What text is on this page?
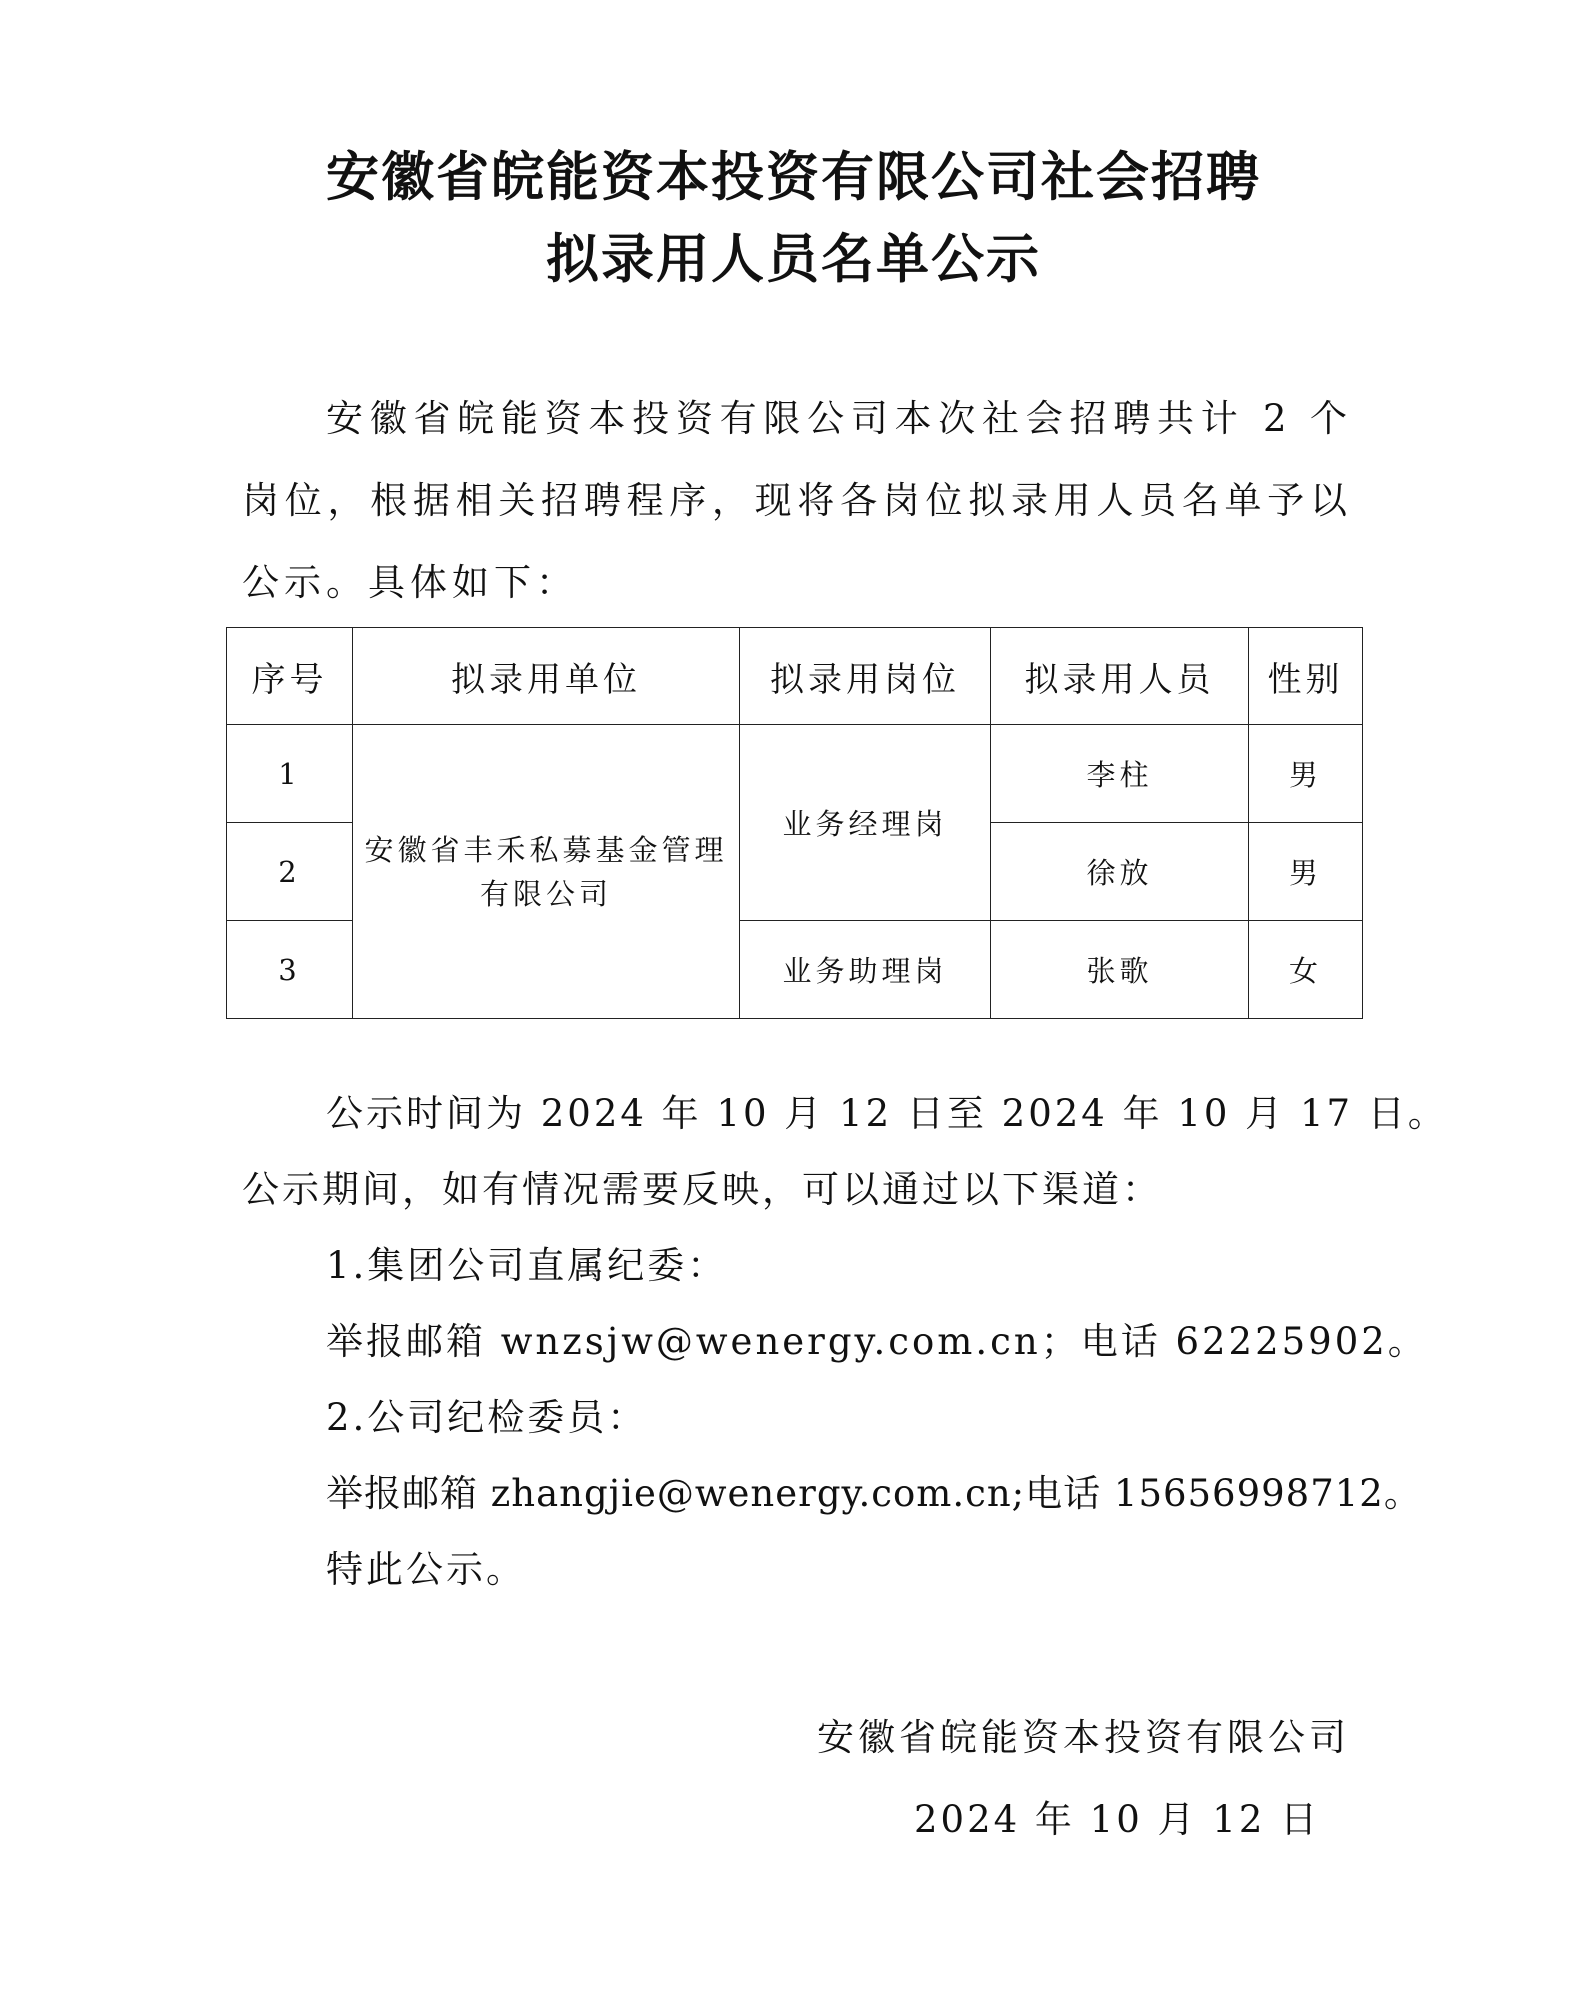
安徽省皖能资本投资有限公司社会招聘
拟录用人员名单公示
安徽省皖能资本投资有限公司本次社会招聘共计 2 个岗位，根据相关招聘程序，现将各岗位拟录用人员名单予以公示。具体如下：
序号	拟录用单位	拟录用岗位	拟录用人员	性别
1	安徽省丰禾私募基金管理有限公司	业务经理岗	李柱	男
2			徐放	男
3		业务助理岗	张歌	女
公示时间为 2024 年 10 月 12 日至 2024 年 10 月 17 日。
公示期间，如有情况需要反映，可以通过以下渠道：
1.集团公司直属纪委：
举报邮箱 wnzsjw@wenergy.com.cn；电话 62225902。
2.公司纪检委员：
举报邮箱 zhangjie@wenergy.com.cn;电话 15656998712。
特此公示。
安徽省皖能资本投资有限公司
2024 年 10 月 12 日
